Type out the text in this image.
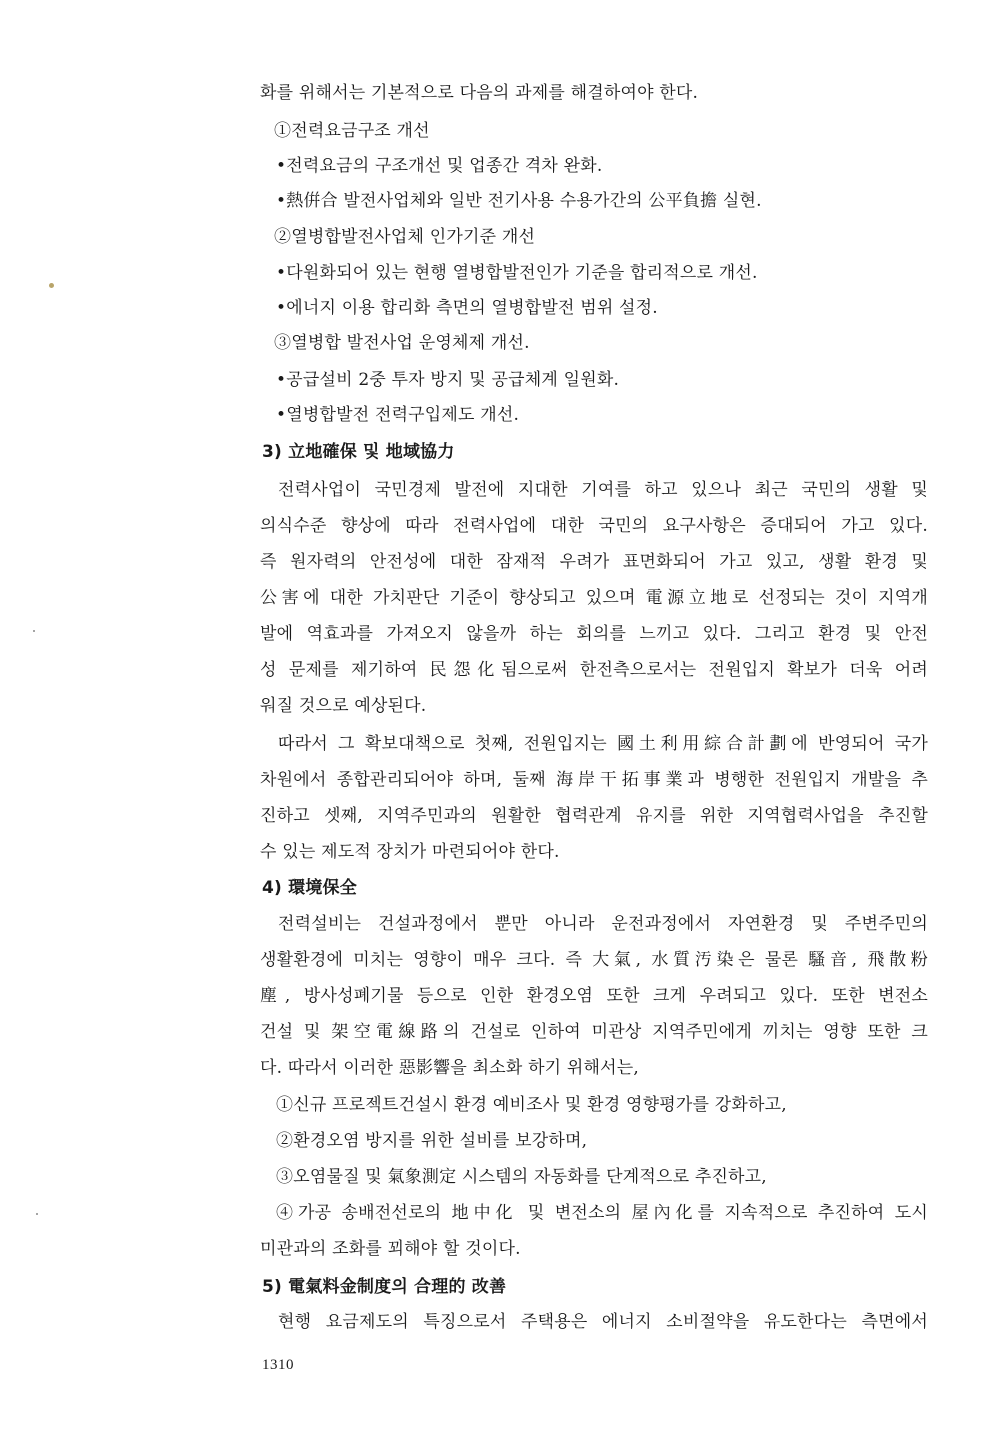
화를 위해서는 기본적으로 다음의 과제를 해결하여야 한다.
①전력요금구조 개선
•전력요금의 구조개선 및 업종간 격차 완화.
•熱倂合 발전사업체와 일반 전기사용 수용가간의 公平負擔 실현.
②열병합발전사업체 인가기준 개선
•다원화되어 있는 현행 열병합발전인가 기준을 합리적으로 개선.
•에너지 이용 합리화 측면의 열병합발전 범위 설정.
③열병합 발전사업 운영체제 개선.
•공급설비 2중 투자 방지 및 공급체계 일원화.
•열병합발전 전력구입제도 개선.
3) 立地確保 및 地域協力
전력사업이 국민경제 발전에 지대한 기여를 하고 있으나 최근 국민의 생활 및
의식수준 향상에 따라 전력사업에 대한 국민의 요구사항은 증대되어 가고 있다.
즉 원자력의 안전성에 대한 잠재적 우려가 표면화되어 가고 있고, 생활 환경 및
公害에 대한 가치판단 기준이 향상되고 있으며 電源立地로 선정되는 것이 지역개
발에 역효과를 가져오지 않을까 하는 회의를 느끼고 있다. 그리고 환경 및 안전
성 문제를 제기하여 民怨化됨으로써 한전측으로서는 전원입지 확보가 더욱 어려
워질 것으로 예상된다.
따라서 그 확보대책으로 첫째, 전원입지는 國土利用綜合計劃에 반영되어 국가
차원에서 종합관리되어야 하며, 둘째 海岸干拓事業과 병행한 전원입지 개발을 추
진하고 셋째, 지역주민과의 원활한 협력관계 유지를 위한 지역협력사업을 추진할
수 있는 제도적 장치가 마련되어야 한다.
4) 環境保全
전력설비는 건설과정에서 뿐만 아니라 운전과정에서 자연환경 및 주변주민의
생활환경에 미치는 영향이 매우 크다. 즉 大氣, 水質汚染은 물론 騷音, 飛散粉
塵, 방사성폐기물 등으로 인한 환경오염 또한 크게 우려되고 있다. 또한 변전소
건설 및 架空電線路의 건설로 인하여 미관상 지역주민에게 끼치는 영향 또한 크
다. 따라서 이러한 惡影響을 최소화 하기 위해서는,
①신규 프로젝트건설시 환경 예비조사 및 환경 영향평가를 강화하고,
②환경오염 방지를 위한 설비를 보강하며,
③오염물질 및 氣象測定 시스템의 자동화를 단계적으로 추진하고,
④가공 송배전선로의 地中化 및 변전소의 屋內化를 지속적으로 추진하여 도시
미관과의 조화를 꾀해야 할 것이다.
5) 電氣料金制度의 合理的 改善
현행 요금제도의 특징으로서 주택용은 에너지 소비절약을 유도한다는 측면에서
1310
